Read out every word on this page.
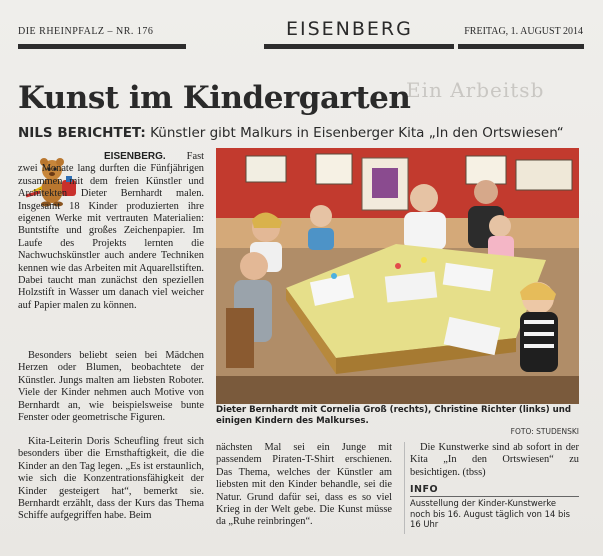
DIE RHEINPFALZ – NR. 176	EISENBERG	FREITAG, 1. AUGUST 2014
Ein Arbeitsb
Kunst im Kindergarten
NILS BERICHTET: Künstler gibt Malkurs in Eisenberger Kita „In den Ortswiesen“
EISENBERG. Fast zwei Monate lang durften die Fünfjährigen zusammen mit dem freien Künstler und Architekten Dieter Bernhardt malen. Insgesamt 18 Kinder produzierten ihre eigenen Werke mit vertrauten Materialien: Buntstifte und großes Zeichenpapier. Im Laufe des Projekts lernten die Nachwuchskünstler auch andere Techniken kennen wie das Arbeiten mit Aquarellstiften. Dabei taucht man zunächst den speziellen Holzstift in Wasser um danach viel weicher auf Papier malen zu können.
Besonders beliebt seien bei Mädchen Herzen oder Blumen, beobachtete der Künstler. Jungs malten am liebsten Roboter. Viele der Kinder nehmen auch Motive von Bernhardt an, wie beispielsweise bunte Fenster oder geometrische Figuren.
Kita-Leiterin Doris Scheufling freut sich besonders über die Ernsthaftigkeit, die die Kinder an den Tag legen. „Es ist erstaunlich, wie sich die Konzentrationsfähigkeit der Kinder gesteigert hat“, bemerkt sie. Bernhardt erzählt, dass der Kurs das Thema Schiffe aufgegriffen habe. Beim
Dieter Bernhardt mit Cornelia Groß (rechts), Christine Richter (links) und einigen Kindern des Malkurses.
FOTO: STUDENSKI
nächsten Mal sei ein Junge mit passendem Piraten-T-Shirt erschienen. Das Thema, welches der Künstler am liebsten mit den Kinder behandle, sei die Natur. Grund dafür sei, dass es so viel Krieg in der Welt gebe. Die Kunst müsse da „Ruhe reinbringen“.
Die Kunstwerke sind ab sofort in der Kita „In den Ortswiesen“ zu besichtigen. (tbss)
INFO
Ausstellung der Kinder-Kunstwerke noch bis 16. August täglich von 14 bis 16 Uhr
